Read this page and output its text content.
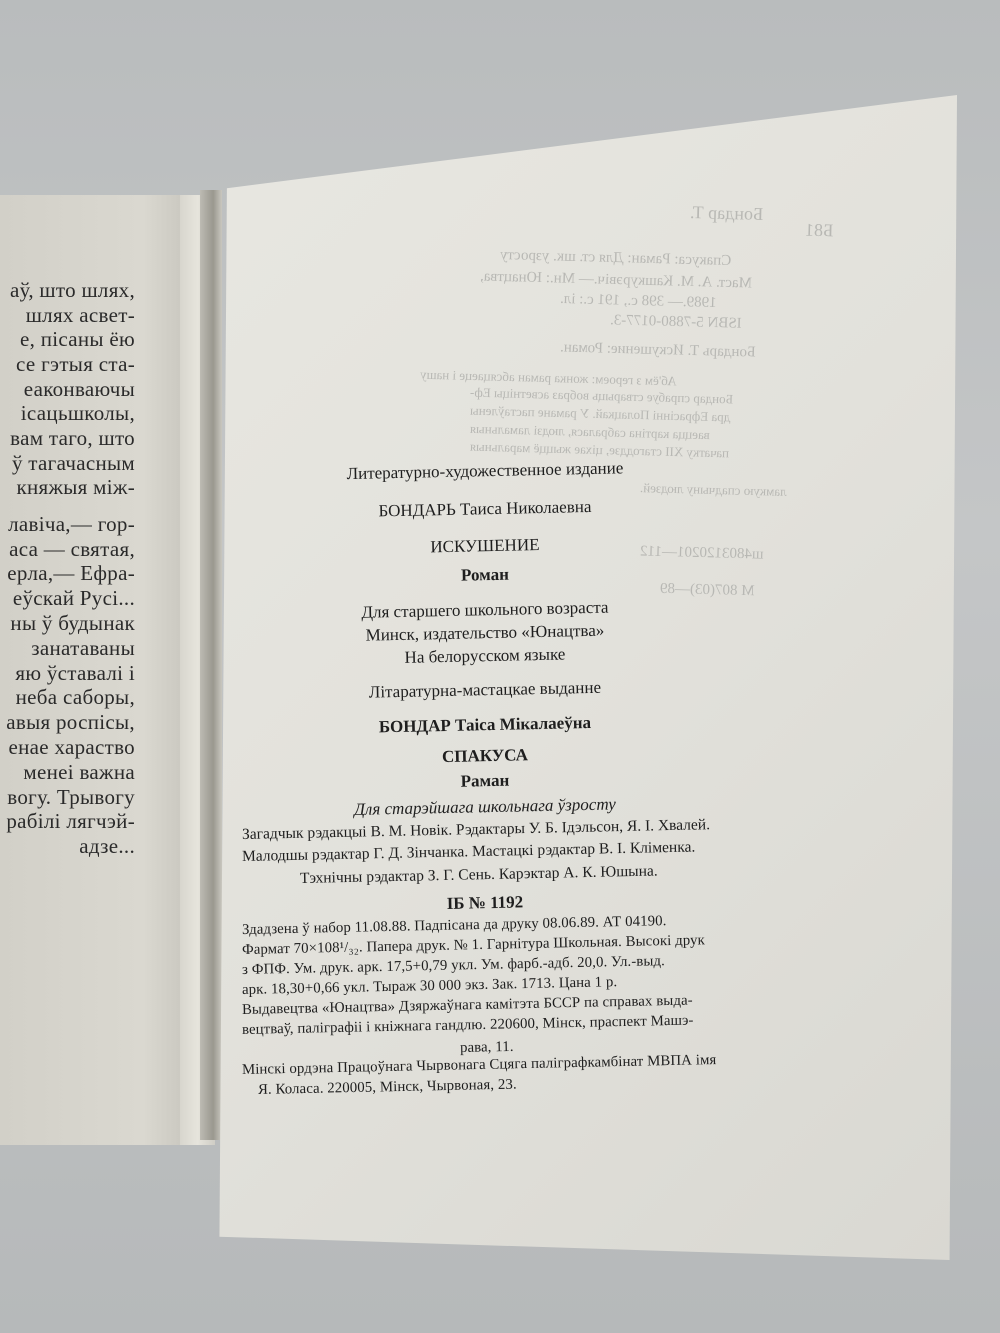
аў, што шлях,
шлях асвет-
е, пісаны ёю
се гэтыя ста-
еаконваючы
ісацьшколы,
вам таго, што
ў тагачасным
княжыя між-
лавіча,— гор-
аса — святая,
ерла,— Ефра-
еўскай Русі...
ны ў будынак
занатаваны
яю ўставалі і
неба саборы,
авыя роспісы,
енае хараство
менеі важна
вогу. Трывогу
рабілі лягчэй-
адзе...
Бондар Т.
Б81
Спакуса: Раман: Для ст. шк. узросту
Маст. А. М. Кашкурэвіч.— Мн.: Юнацтва,
1989.— 398 с., 191 с.: іл.
ISBN 5-7880-0177-3.
Бондарь Т. Искушение: Роман.
Аб'ём з героем: жонка раман абсяцаеце і нашу
Бондар спрабуе стварыць вобраз асветніцы Еф-
дра Ефрасінні Полацкай. У рамане пастаўлены
ваецца картіна сабралася, людзі ламальныя
пачатку XII стагоддзе, ціхае жыццё маральныя
ламкую спадчыну людзей.
ш4803120201—112
М 807(03)—89
Литературно-художественное издание
БОНДАРЬ Таиса Николаевна
ИСКУШЕНИЕ
Роман
Для старшего школьного возраста
Минск, издательство «Юнацтва»
На белорусском языке
Літаратурна-мастацкае выданне
БОНДАР Таіса Мікалаеўна
СПАКУСА
Раман
Для старэйшага школьнага ўзросту
Загадчык рэдакцыі В. М. Новік. Рэдактары У. Б. Ідэльсон, Я. І. Хвалей.
Малодшы рэдактар Г. Д. Зінчанка. Мастацкі рэдактар В. І. Кліменка.
Тэхнічны рэдактар З. Г. Сень. Карэктар А. К. Юшына.
ІБ № 1192
Здадзена ў набор 11.08.88. Падпісана да друку 08.06.89. АТ 04190.
Фармат 70×108¹/₃₂. Папера друк. № 1. Гарнітура Школьная. Высокі друк
з ФПФ. Ум. друк. арк. 17,5+0,79 укл. Ум. фарб.-адб. 20,0. Ул.-выд.
арк. 18,30+0,66 укл. Тыраж 30 000 экз. Зак. 1713. Цана 1 р.
Выдавецтва «Юнацтва» Дзяржаўнага камітэта БССР па справах выда-
вецтваў, паліграфіі і кніжнага гандлю. 220600, Мінск, праспект Машэ-
рава, 11.
Мінскі ордэна Працоўнага Чырвонага Сцяга паліграфкамбінат МВПА імя
Я. Коласа. 220005, Мінск, Чырвоная, 23.
